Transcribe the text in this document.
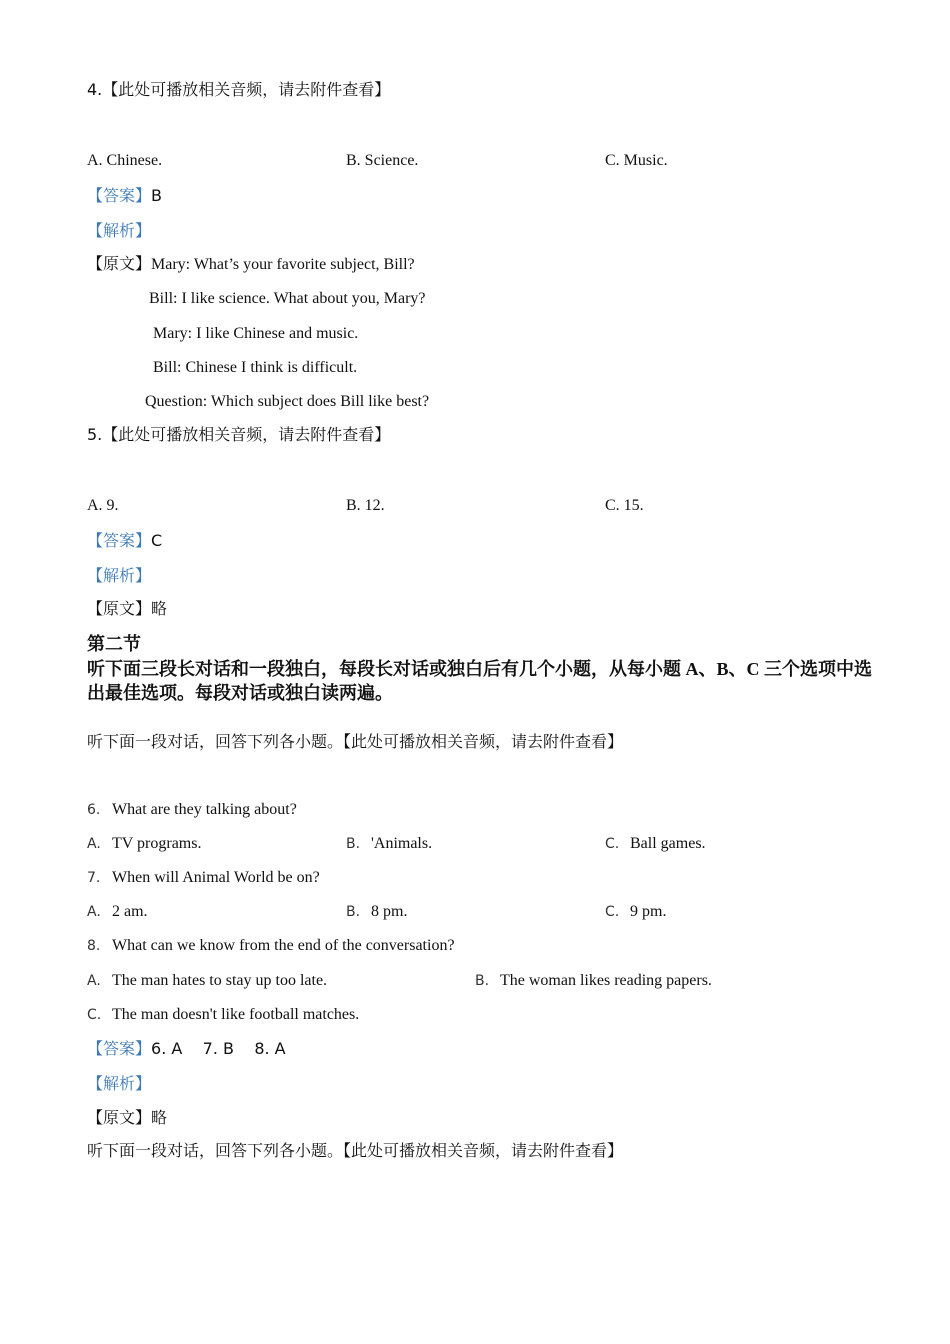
4.【此处可播放相关音频，请去附件查看】
A. Chinese.	B. Science.	C. Music.
【答案】B
【解析】
【原文】Mary: What’s your favorite subject, Bill?
Bill: I like science. What about you, Mary?
Mary: I like Chinese and music.
Bill: Chinese I think is difficult.
Question: Which subject does Bill like best?
5.【此处可播放相关音频，请去附件查看】
A. 9.	B. 12.	C. 15.
【答案】C
【解析】
【原文】略
第二节
听下面三段长对话和一段独白，每段长对话或独白后有几个小题，从每小题 A、B、C 三个选项中选出最佳选项。每段对话或独白读两遍。
听下面一段对话，回答下列各小题。【此处可播放相关音频，请去附件查看】
6. What are they talking about?
A. TV programs.	B. 'Animals.	C. Ball games.
7. When will Animal World be on?
A. 2 am.	B. 8 pm.	C. 9 pm.
8. What can we know from the end of the conversation?
A. The man hates to stay up too late.	B. The woman likes reading papers.
C. The man doesn't like football matches.
【答案】6. A    7. B    8. A
【解析】
【原文】略
听下面一段对话，回答下列各小题。【此处可播放相关音频，请去附件查看】
